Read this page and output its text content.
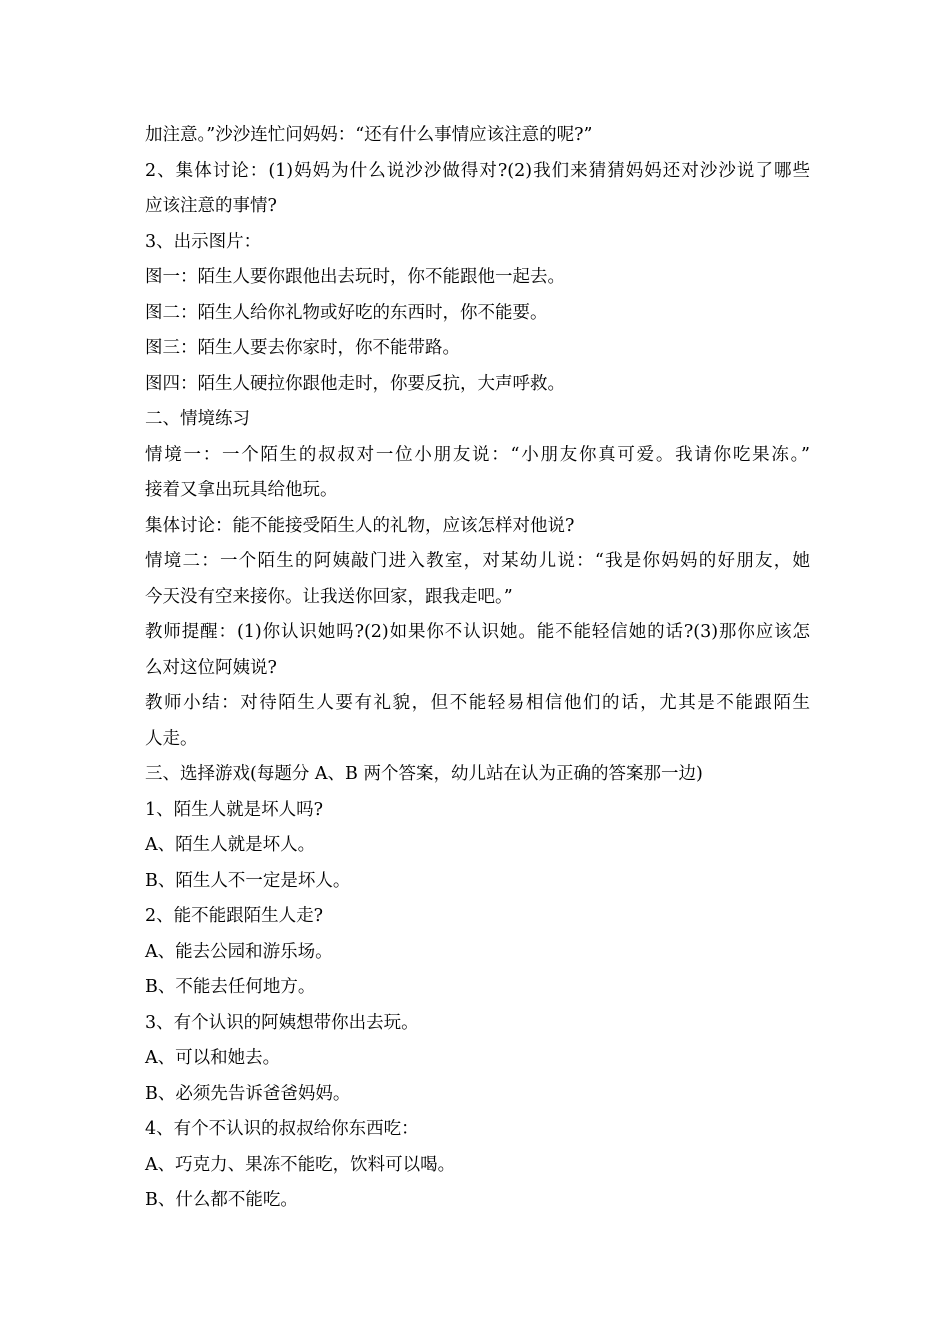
加注意。”沙沙连忙问妈妈：“还有什么事情应该注意的呢?”
2、集体讨论：(1)妈妈为什么说沙沙做得对?(2)我们来猜猜妈妈还对沙沙说了哪些
应该注意的事情?
3、出示图片：
图一：陌生人要你跟他出去玩时，你不能跟他一起去。
图二：陌生人给你礼物或好吃的东西时，你不能要。
图三：陌生人要去你家时，你不能带路。
图四：陌生人硬拉你跟他走时，你要反抗，大声呼救。
二、情境练习
情境一：一个陌生的叔叔对一位小朋友说：“小朋友你真可爱。我请你吃果冻。”
接着又拿出玩具给他玩。
集体讨论：能不能接受陌生人的礼物，应该怎样对他说?
情境二：一个陌生的阿姨敲门进入教室，对某幼儿说：“我是你妈妈的好朋友，她
今天没有空来接你。让我送你回家，跟我走吧。”
教师提醒：(1)你认识她吗?(2)如果你不认识她。能不能轻信她的话?(3)那你应该怎
么对这位阿姨说?
教师小结：对待陌生人要有礼貌，但不能轻易相信他们的话，尤其是不能跟陌生
人走。
三、选择游戏(每题分 A、B 两个答案，幼儿站在认为正确的答案那一边)
1、陌生人就是坏人吗?
A、陌生人就是坏人。
B、陌生人不一定是坏人。
2、能不能跟陌生人走?
A、能去公园和游乐场。
B、不能去任何地方。
3、有个认识的阿姨想带你出去玩。
A、可以和她去。
B、必须先告诉爸爸妈妈。
4、有个不认识的叔叔给你东西吃：
A、巧克力、果冻不能吃，饮料可以喝。
B、什么都不能吃。
